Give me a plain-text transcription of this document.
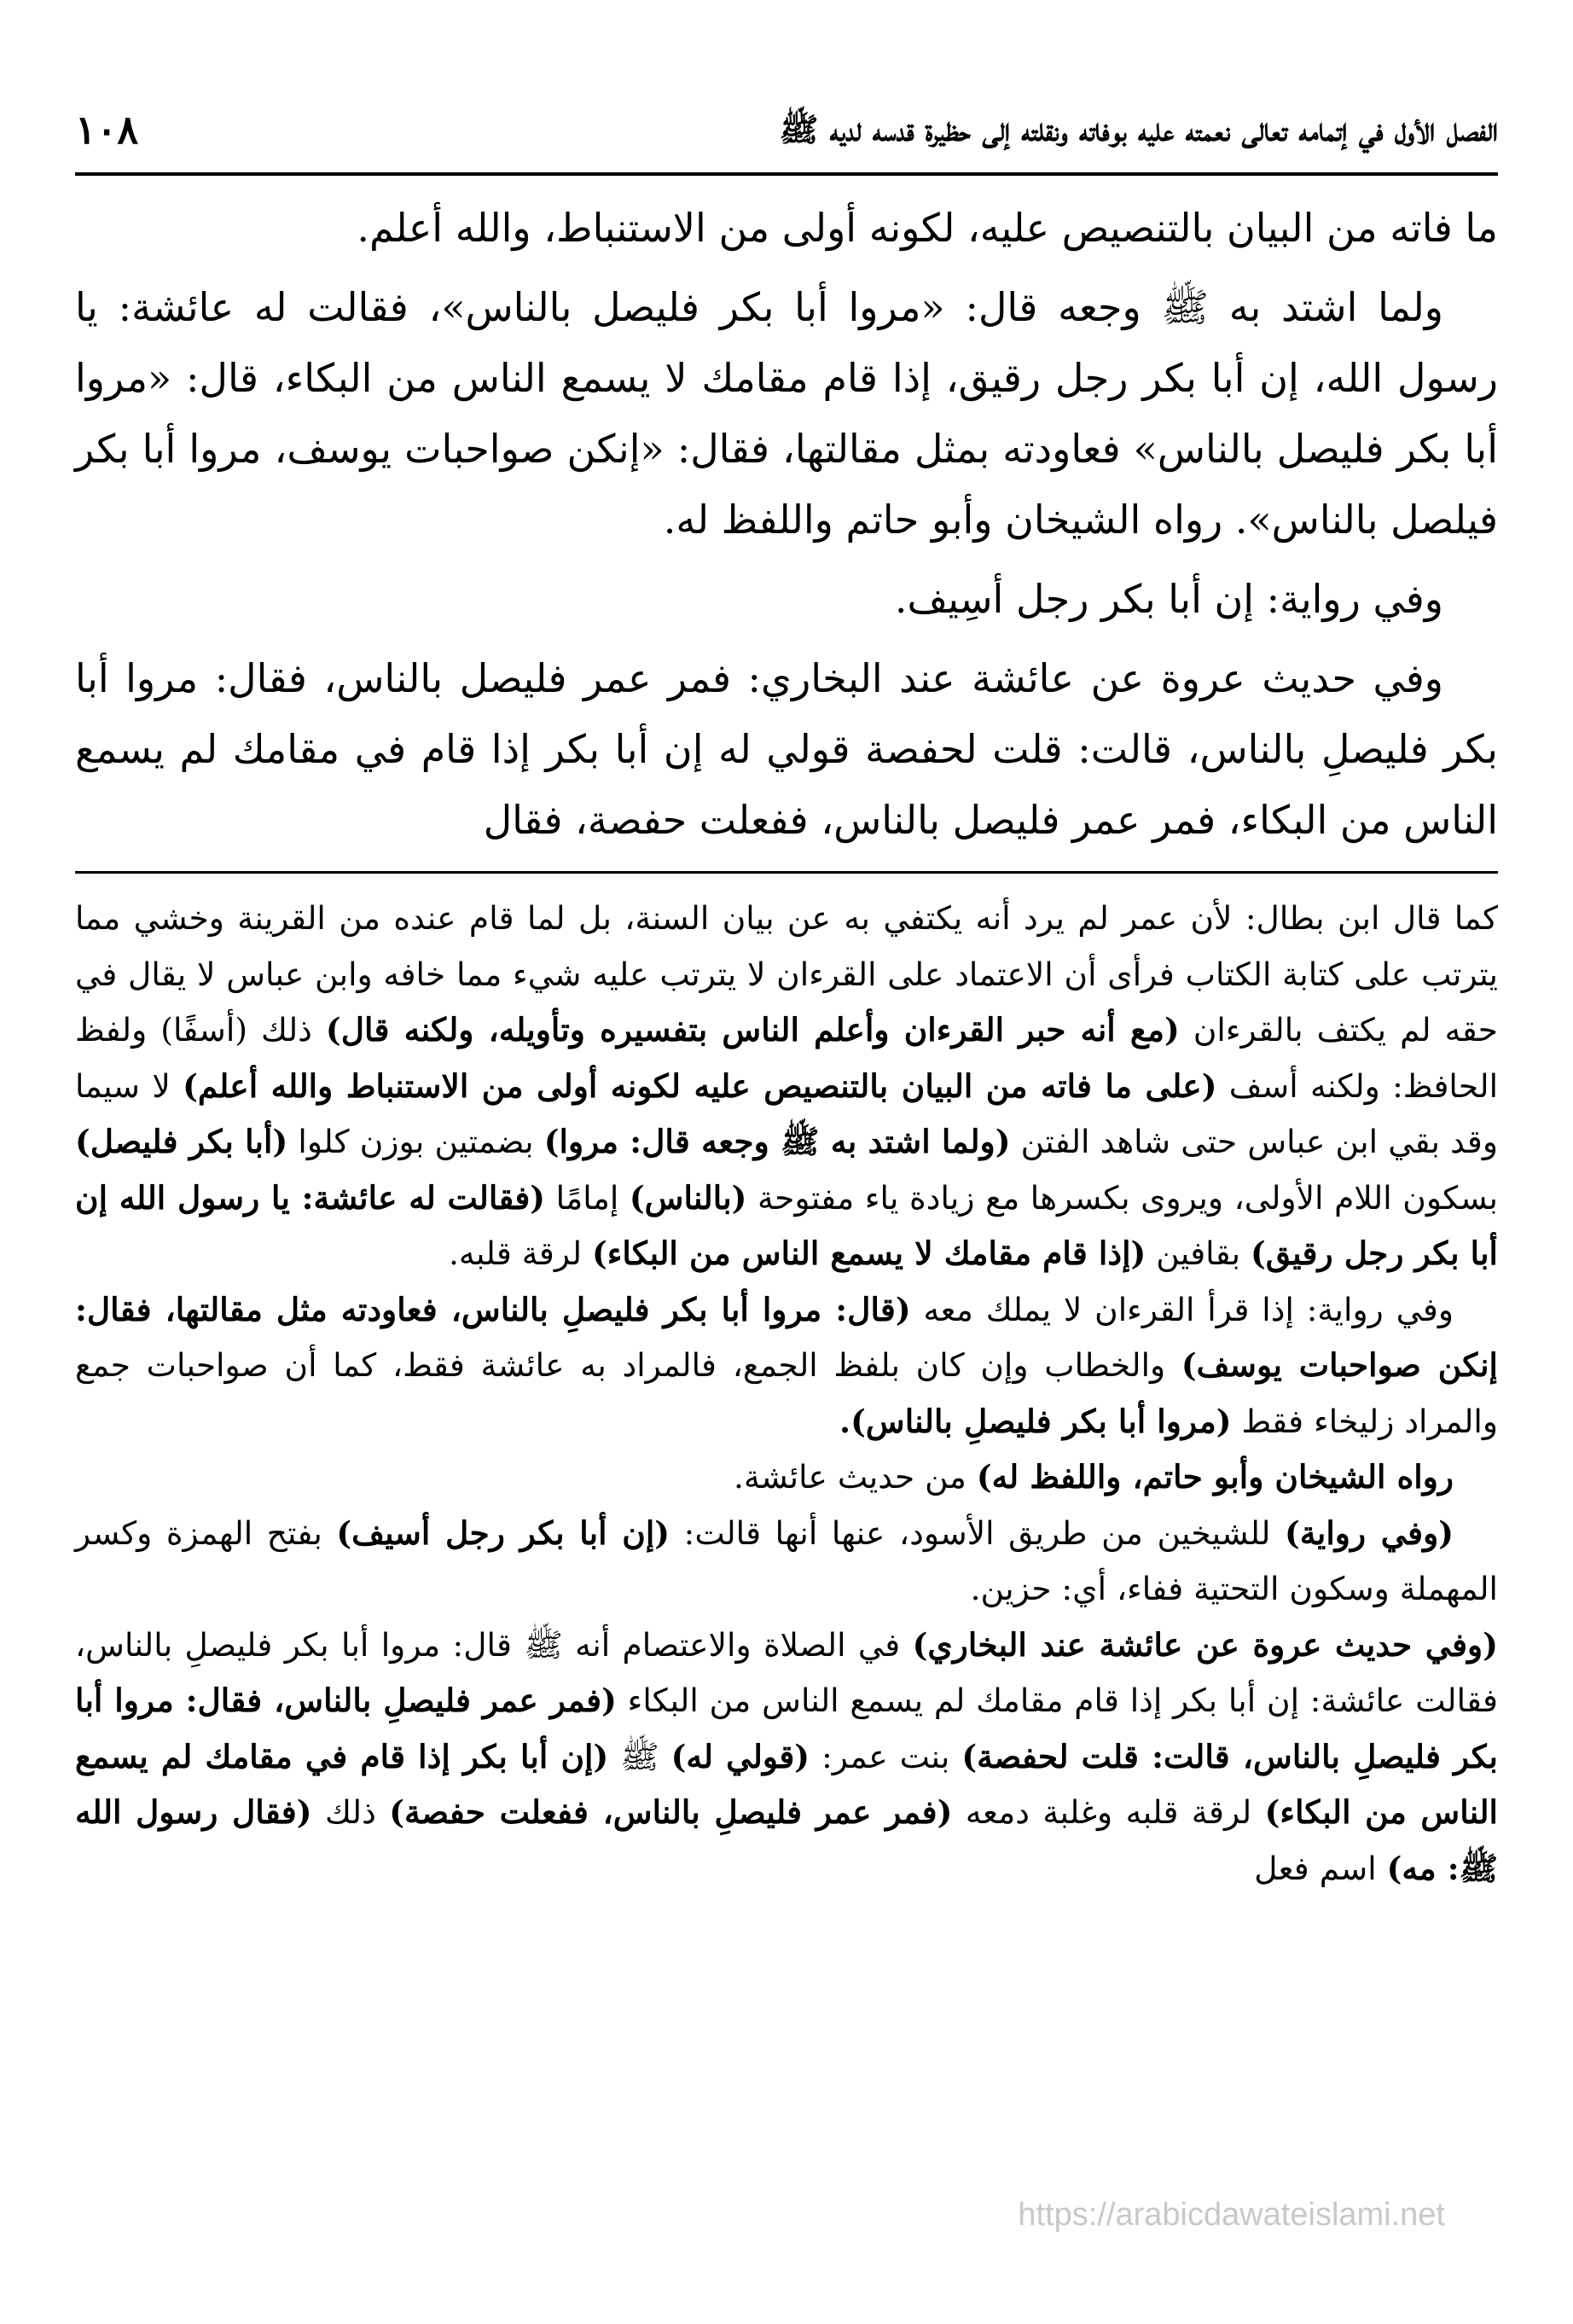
الفصل الأول في إتمامه تعالى نعمته عليه بوفاته ونقلته إلى حظيرة قدسه لديه ﷺ
١٠٨

ما فاته من البيان بالتنصيص عليه، لكونه أولى من الاستنباط، والله أعلم.

ولما اشتد به ﷺ وجعه قال: «مروا أبا بكر فليصل بالناس»، فقالت له عائشة: يا رسول الله، إن أبا بكر رجل رقيق، إذا قام مقامك لا يسمع الناس من البكاء، قال: «مروا أبا بكر فليصل بالناس» فعاودته بمثل مقالتها، فقال: «إنكن صواحبات يوسف، مروا أبا بكر فيلصل بالناس». رواه الشيخان وأبو حاتم واللفظ له.

وفي رواية: إن أبا بكر رجل أسِيف.

وفي حديث عروة عن عائشة عند البخاري: فمر عمر فليصل بالناس، فقال: مروا أبا بكر فليصلِ بالناس، قالت: قلت لحفصة قولي له إن أبا بكر إذا قام في مقامك لم يسمع الناس من البكاء، فمر عمر فليصل بالناس، ففعلت حفصة، فقال

كما قال ابن بطال: لأن عمر لم يرد أنه يكتفي به عن بيان السنة، بل لما قام عنده من القرينة وخشي مما يترتب على كتابة الكتاب فرأى أن الاعتماد على القرءان لا يترتب عليه شيء مما خافه وابن عباس لا يقال في حقه لم يكتف بالقرءان (مع أنه حبر القرءان وأعلم الناس بتفسيره وتأويله، ولكنه قال) ذلك (أسفًا) ولفظ الحافظ: ولكنه أسف (على ما فاته من البيان بالتنصيص عليه لكونه أولى من الاستنباط والله أعلم) لا سيما وقد بقي ابن عباس حتى شاهد الفتن (ولما اشتد به ﷺ وجعه قال: مروا) بضمتين بوزن كلوا (أبا بكر فليصل) بسكون اللام الأولى، ويروى بكسرها مع زيادة ياء مفتوحة (بالناس) إمامًا (فقالت له عائشة: يا رسول الله إن أبا بكر رجل رقيق) بقافين (إذا قام مقامك لا يسمع الناس من البكاء) لرقة قلبه.

وفي رواية: إذا قرأ القرءان لا يملك معه (قال: مروا أبا بكر فليصلِ بالناس، فعاودته مثل مقالتها، فقال: إنكن صواحبات يوسف) والخطاب وإن كان بلفظ الجمع، فالمراد به عائشة فقط، كما أن صواحبات جمع والمراد زليخاء فقط (مروا أبا بكر فليصلِ بالناس).

رواه الشيخان وأبو حاتم، واللفظ له) من حديث عائشة.

(وفي رواية) للشيخين من طريق الأسود، عنها أنها قالت: (إن أبا بكر رجل أسيف) بفتح الهمزة وكسر المهملة وسكون التحتية ففاء، أي: حزين.

(وفي حديث عروة عن عائشة عند البخاري) في الصلاة والاعتصام أنه ﷺ قال: مروا أبا بكر فليصلِ بالناس، فقالت عائشة: إن أبا بكر إذا قام مقامك لم يسمع الناس من البكاء (فمر عمر فليصلِ بالناس، فقال: مروا أبا بكر فليصلِ بالناس، قالت: قلت لحفصة) بنت عمر: (قولي له) ﷺ (إن أبا بكر إذا قام في مقامك لم يسمع الناس من البكاء) لرقة قلبه وغلبة دمعه (فمر عمر فليصلِ بالناس، ففعلت حفصة) ذلك (فقال رسول الله ﷺ: مه) اسم فعل

https://arabicdawateislami.net
